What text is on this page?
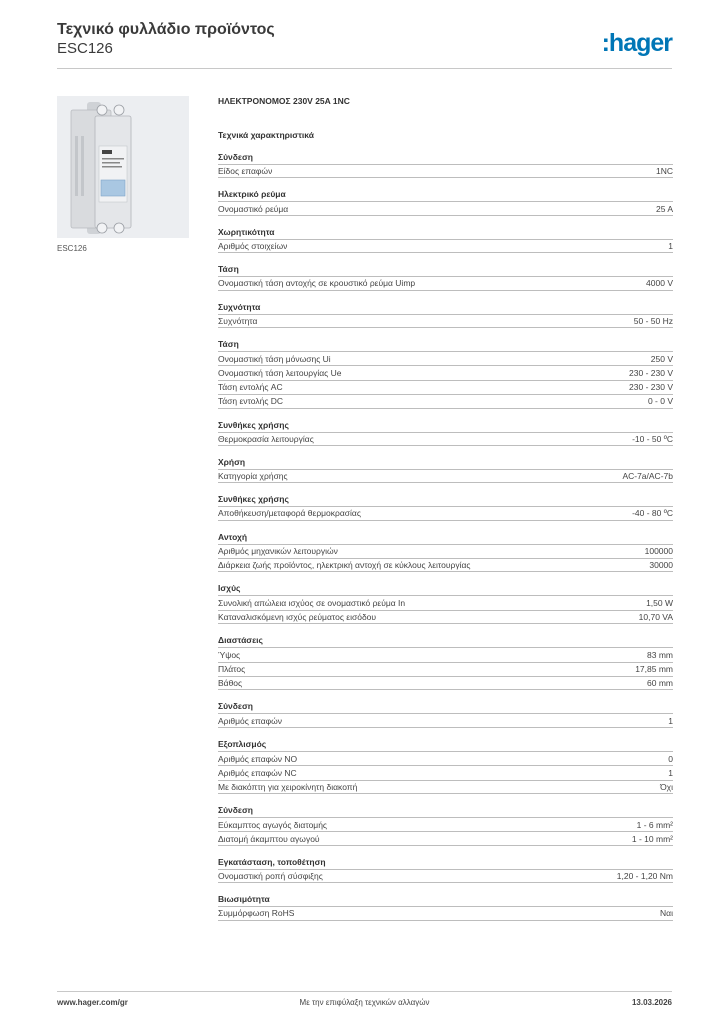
Τεχνικό φυλλάδιο προϊόντος
ESC126	:hager
ESC126
ΗΛΕΚΤΡΟΝΟΜΟΣ 230V 25A 1NC
Τεχνικά χαρακτηριστικά
Σύνδεση
Είδος επαφών	1NC
Ηλεκτρικό ρεύμα
Ονομαστικό ρεύμα	25 A
Χωρητικότητα
Αριθμός στοιχείων	1
Τάση
Ονομαστική τάση αντοχής σε κρουστικό ρεύμα Uimp	4000 V
Συχνότητα
Συχνότητα	50 - 50 Hz
Τάση
Ονομαστική τάση μόνωσης Ui	250 V
Ονομαστική τάση λειτουργίας Ue	230 - 230 V
Τάση εντολής AC	230 - 230 V
Τάση εντολής DC	0 - 0 V
Συνθήκες χρήσης
Θερμοκρασία λειτουργίας	-10 - 50 ºC
Χρήση
Κατηγορία χρήσης	AC-7a/AC-7b
Συνθήκες χρήσης
Αποθήκευση/μεταφορά θερμοκρασίας	-40 - 80 ºC
Αντοχή
Αριθμός μηχανικών λειτουργιών	100000
Διάρκεια ζωής προϊόντος, ηλεκτρική αντοχή σε κύκλους λειτουργίας	30000
Ισχύς
Συνολική απώλεια ισχύος σε ονομαστικό ρεύμα In	1,50 W
Καταναλισκόμενη ισχύς ρεύματος εισόδου	10,70 VA
Διαστάσεις
Ύψος	83 mm
Πλάτος	17,85 mm
Βάθος	60 mm
Σύνδεση
Αριθμός επαφών	1
Εξοπλισμός
Αριθμός επαφών NO	0
Αριθμός επαφών NC	1
Με διακόπτη για χειροκίνητη διακοπή	Όχι
Σύνδεση
Εύκαμπτος αγωγός διατομής	1 - 6 mm²
Διατομή άκαμπτου αγωγού	1 - 10 mm²
Εγκατάσταση, τοποθέτηση
Ονομαστική ροπή σύσφιξης	1,20 - 1,20 Nm
Βιωσιμότητα
Συμμόρφωση RoHS	Ναι
www.hager.com/gr	Με την επιφύλαξη τεχνικών αλλαγών	13.03.2026
